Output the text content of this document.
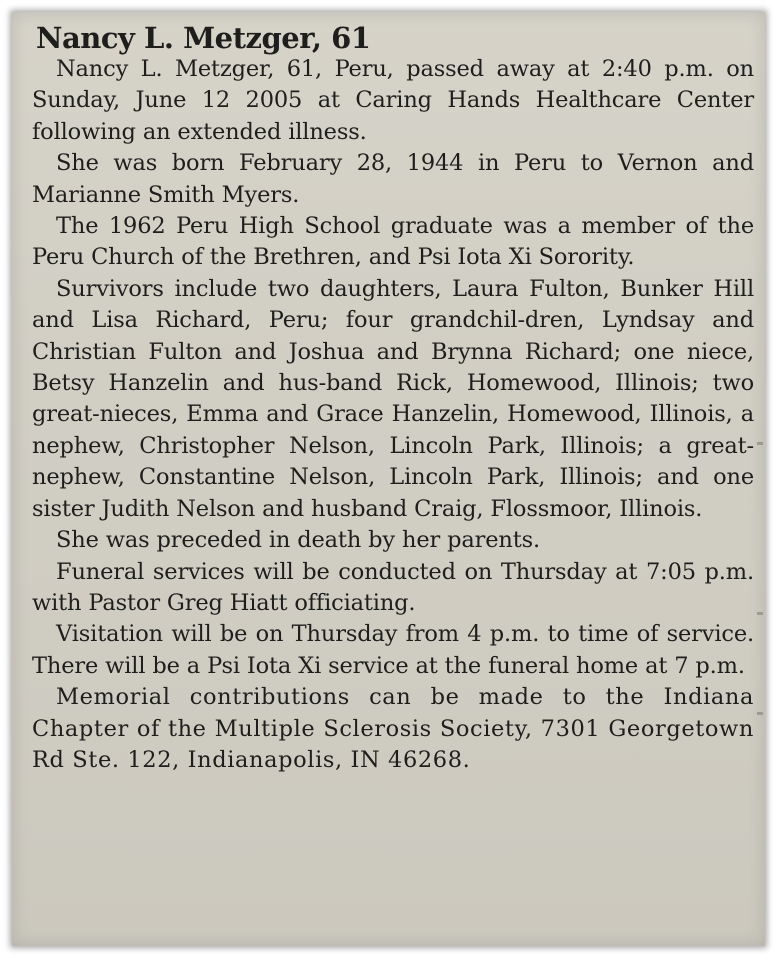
Nancy L. Metzger, 61

Nancy L. Metzger, 61, Peru, passed away at 2:40 p.m. on Sunday, June 12 2005 at Caring Hands Healthcare Center following an extended illness.

She was born February 28, 1944 in Peru to Vernon and Marianne Smith Myers.

The 1962 Peru High School graduate was a member of the Peru Church of the Brethren, and Psi Iota Xi Sorority.

Survivors include two daughters, Laura Fulton, Bunker Hill and Lisa Richard, Peru; four grandchil-dren, Lyndsay and Christian Fulton and Joshua and Brynna Richard; one niece, Betsy Hanzelin and hus-band Rick, Homewood, Illinois; two great-nieces, Emma and Grace Hanzelin, Homewood, Illinois, a nephew, Christopher Nelson, Lincoln Park, Illinois; a great-nephew, Constantine Nelson, Lincoln Park, Illinois; and one sister Judith Nelson and husband Craig, Flossmoor, Illinois.

She was preceded in death by her parents.

Funeral services will be conducted on Thursday at 7:05 p.m. with Pastor Greg Hiatt officiating.

Visitation will be on Thursday from 4 p.m. to time of service. There will be a Psi Iota Xi service at the funeral home at 7 p.m.

Memorial contributions can be made to the Indiana Chapter of the Multiple Sclerosis Society, 7301 Georgetown Rd Ste. 122, Indianapolis, IN 46268.
